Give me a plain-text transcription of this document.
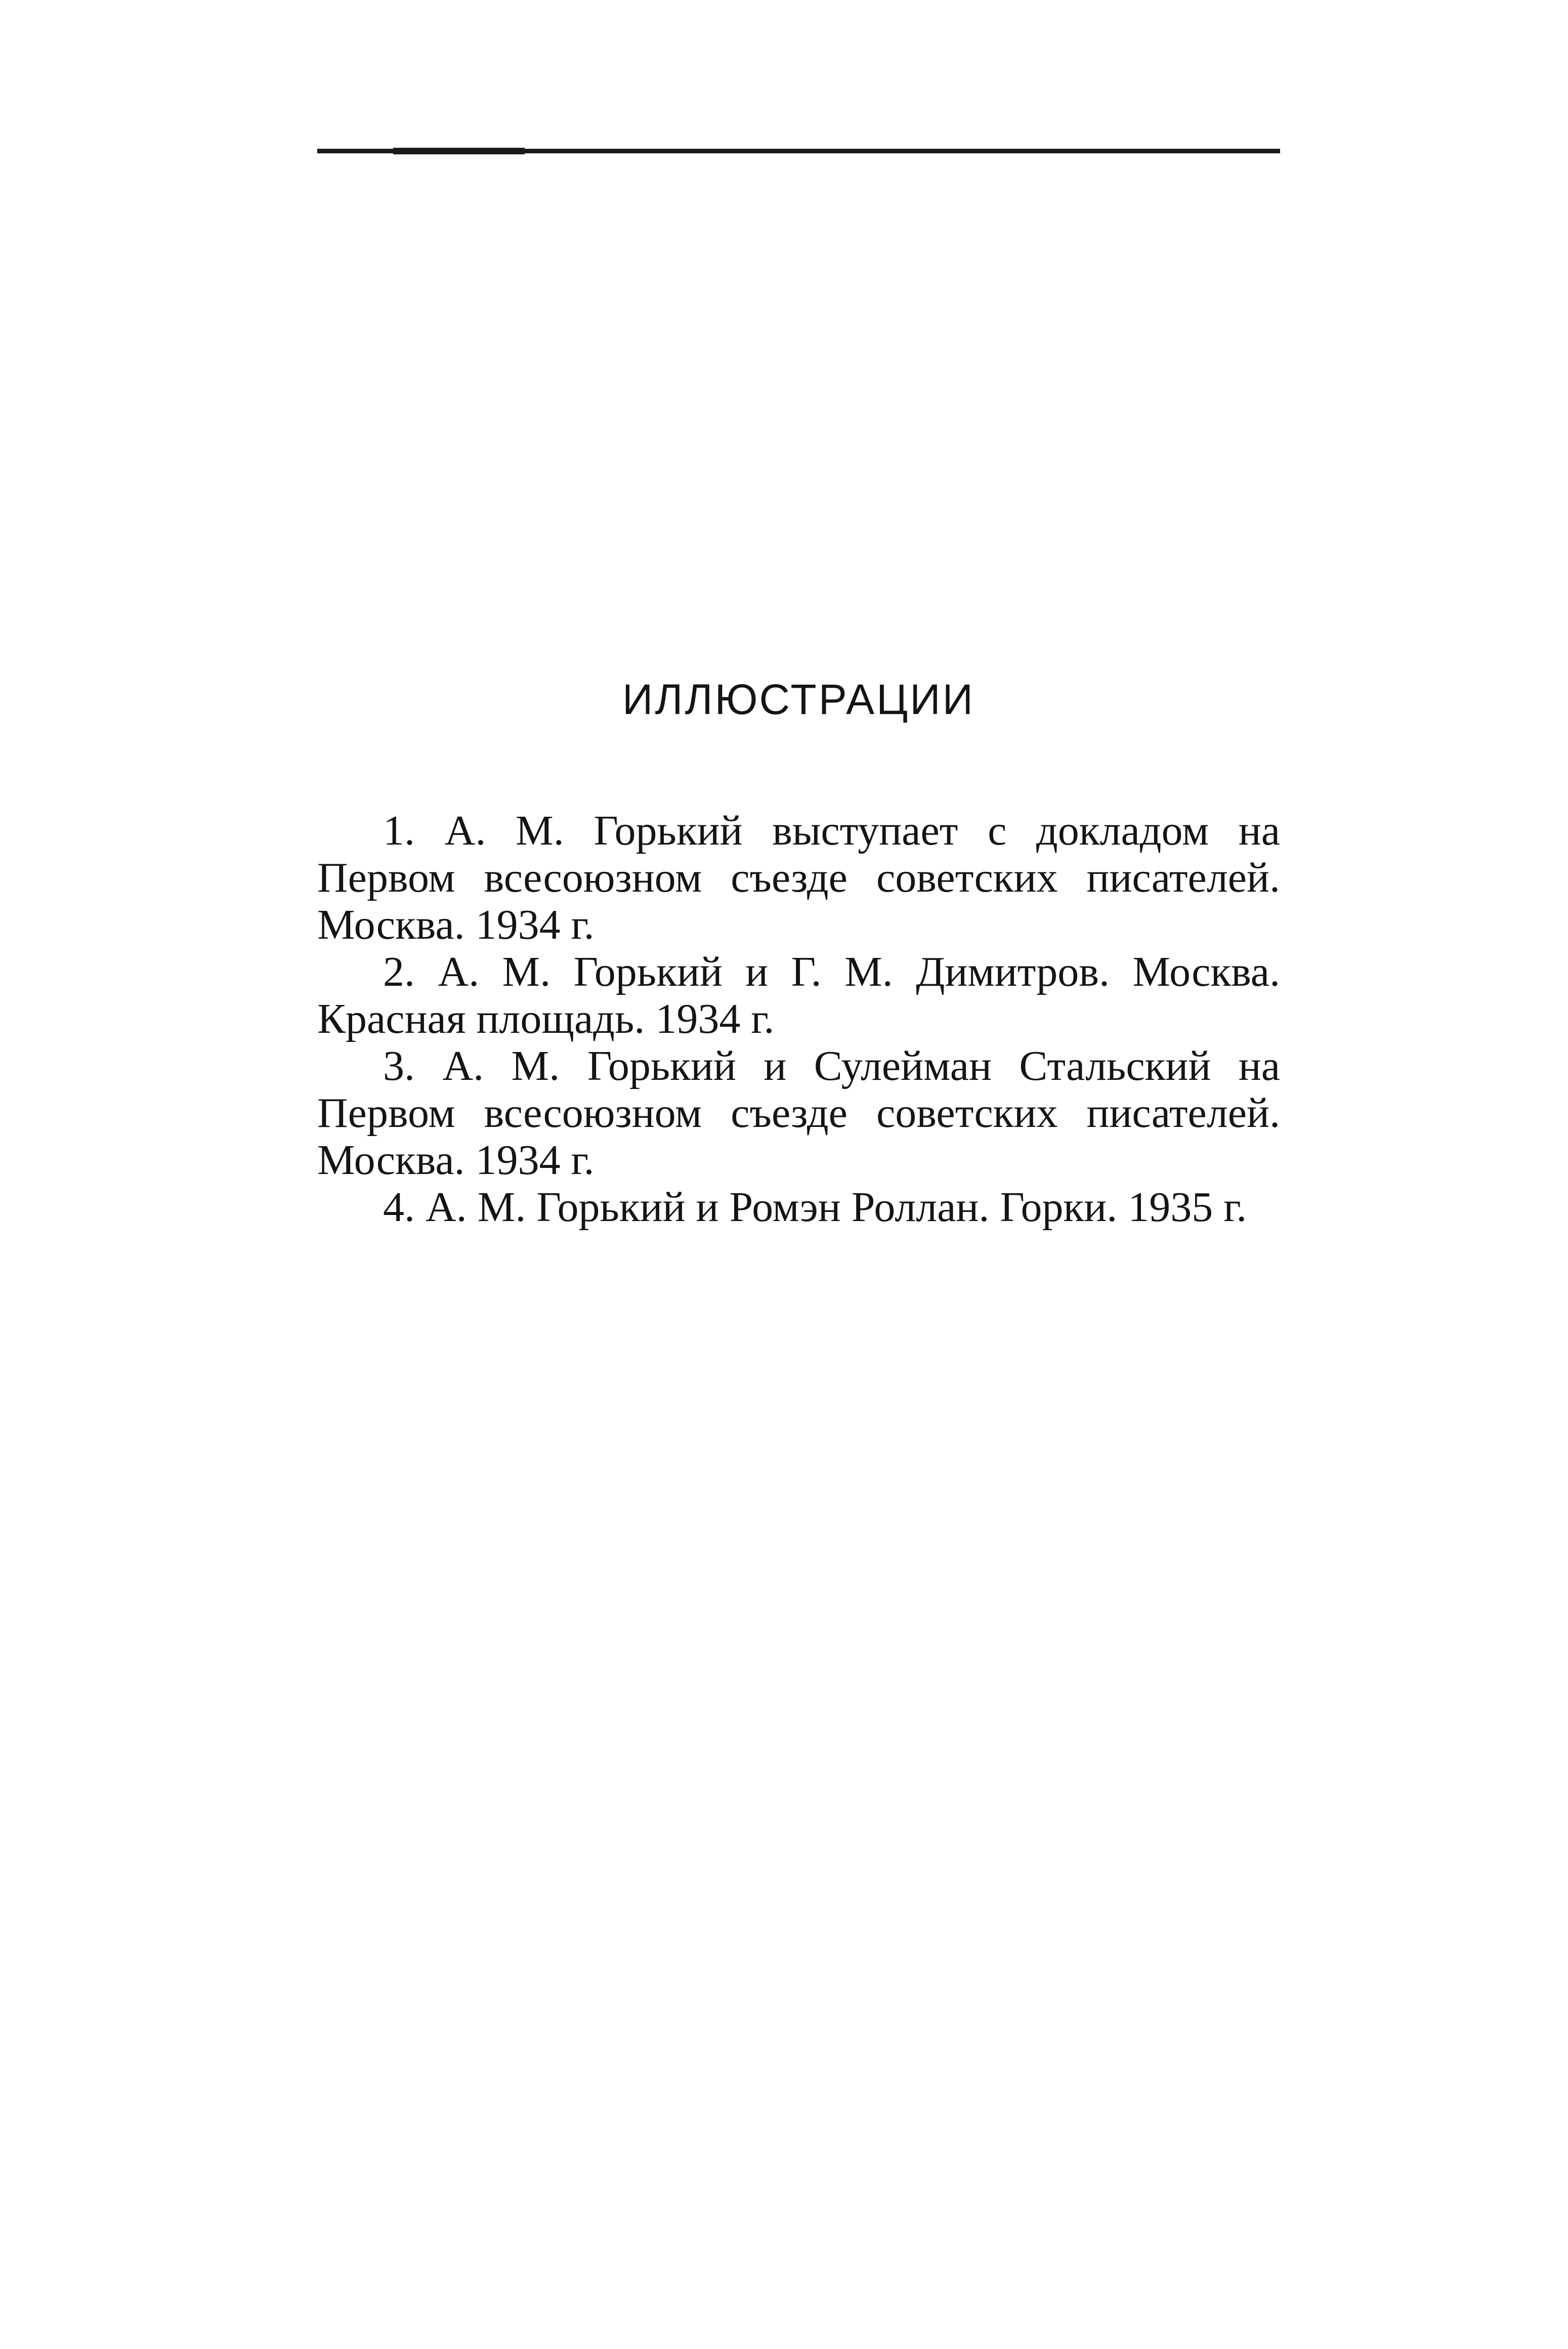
ИЛЛЮСТРАЦИИ

1. А. М. Горький выступает с докладом на Первом всесоюзном съезде советских писателей. Москва. 1934 г.

2. А. М. Горький и Г. М. Димитров. Москва. Красная площадь. 1934 г.

3. А. М. Горький и Сулейман Стальский на Первом всесоюзном съезде советских писателей. Москва. 1934 г.

4. А. М. Горький и Ромэн Роллан. Горки. 1935 г.
